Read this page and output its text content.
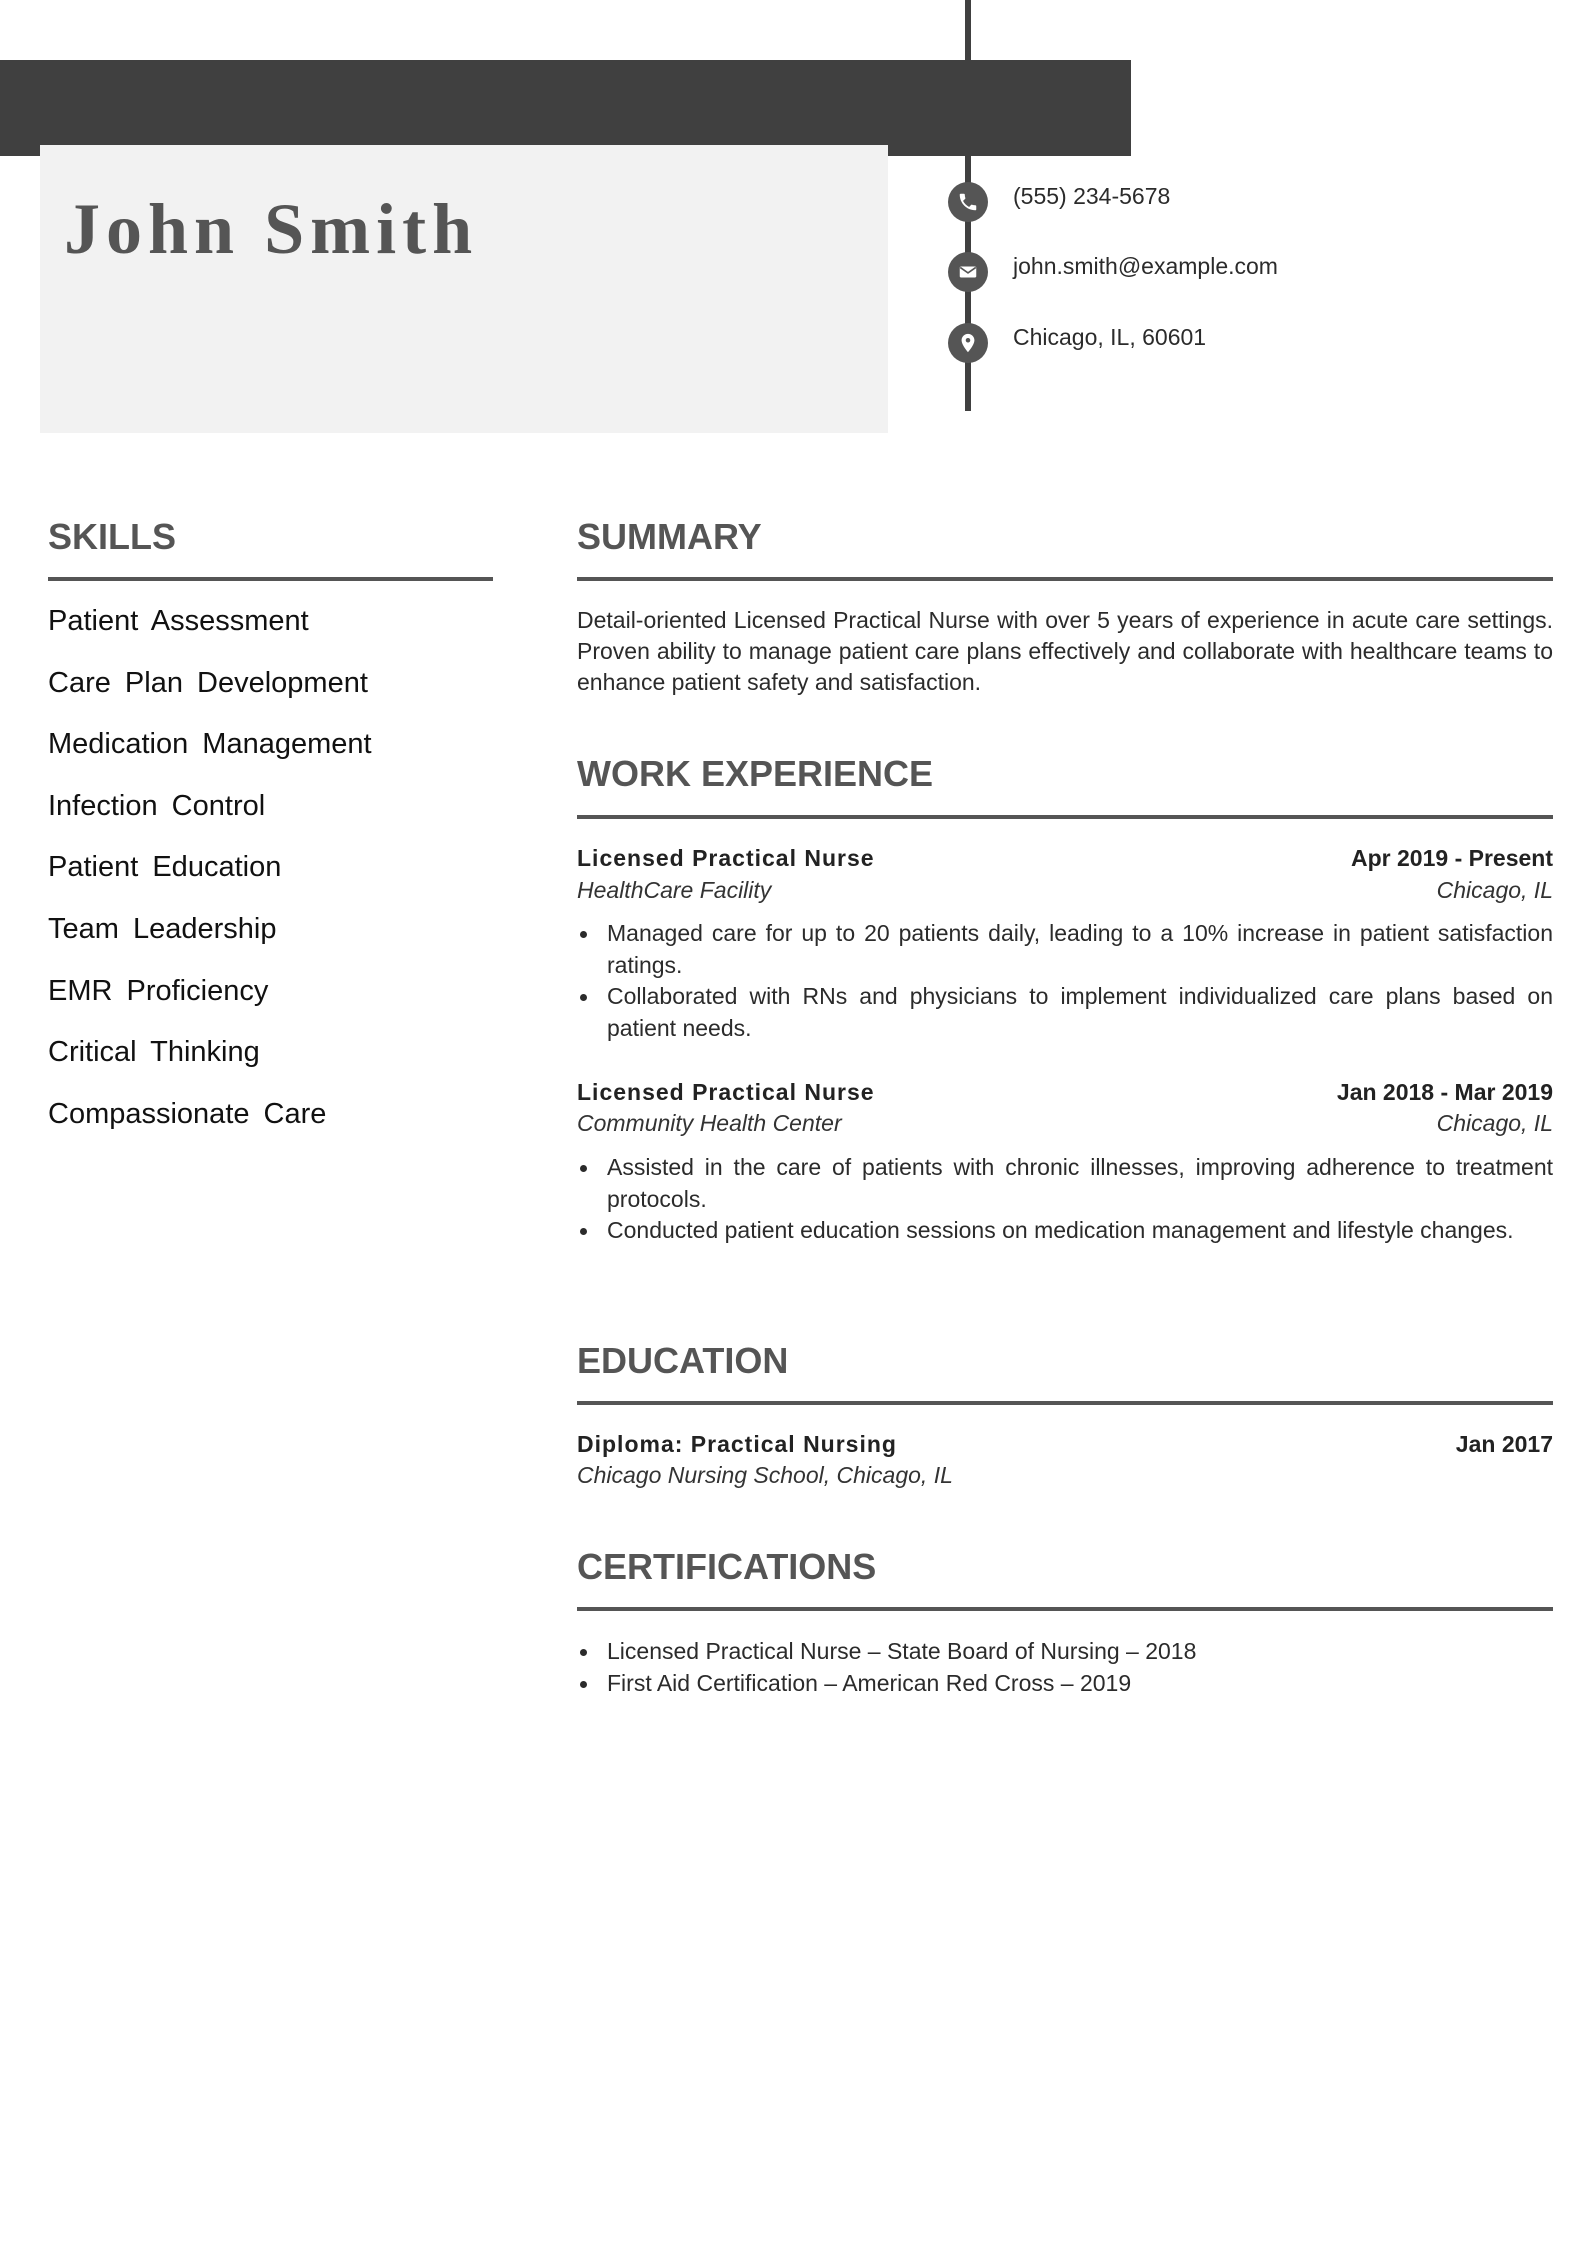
John Smith	(555) 234-5678
john.smith@example.com
Chicago, IL, 60601
SKILLS
Patient Assessment
Care Plan Development
Medication Management
Infection Control
Patient Education
Team Leadership
EMR Proficiency
Critical Thinking
Compassionate Care
SUMMARY

Detail-oriented Licensed Practical Nurse with over 5 years of experience in acute care settings. Proven ability to manage patient care plans effectively and collaborate with healthcare teams to enhance patient safety and satisfaction.

WORK EXPERIENCE
Licensed Practical Nurse	Apr 2019 - Present
HealthCare Facility	Chicago, IL
Managed care for up to 20 patients daily, leading to a 10% increase in patient satisfaction ratings.
Collaborated with RNs and physicians to implement individualized care plans based on patient needs.
Licensed Practical Nurse	Jan 2018 - Mar 2019
Community Health Center	Chicago, IL
Assisted in the care of patients with chronic illnesses, improving adherence to treatment protocols.
Conducted patient education sessions on medication management and lifestyle changes.
EDUCATION
Diploma: Practical Nursing	Jan 2017
Chicago Nursing School, Chicago, IL
CERTIFICATIONS
Licensed Practical Nurse – State Board of Nursing – 2018
First Aid Certification – American Red Cross – 2019
